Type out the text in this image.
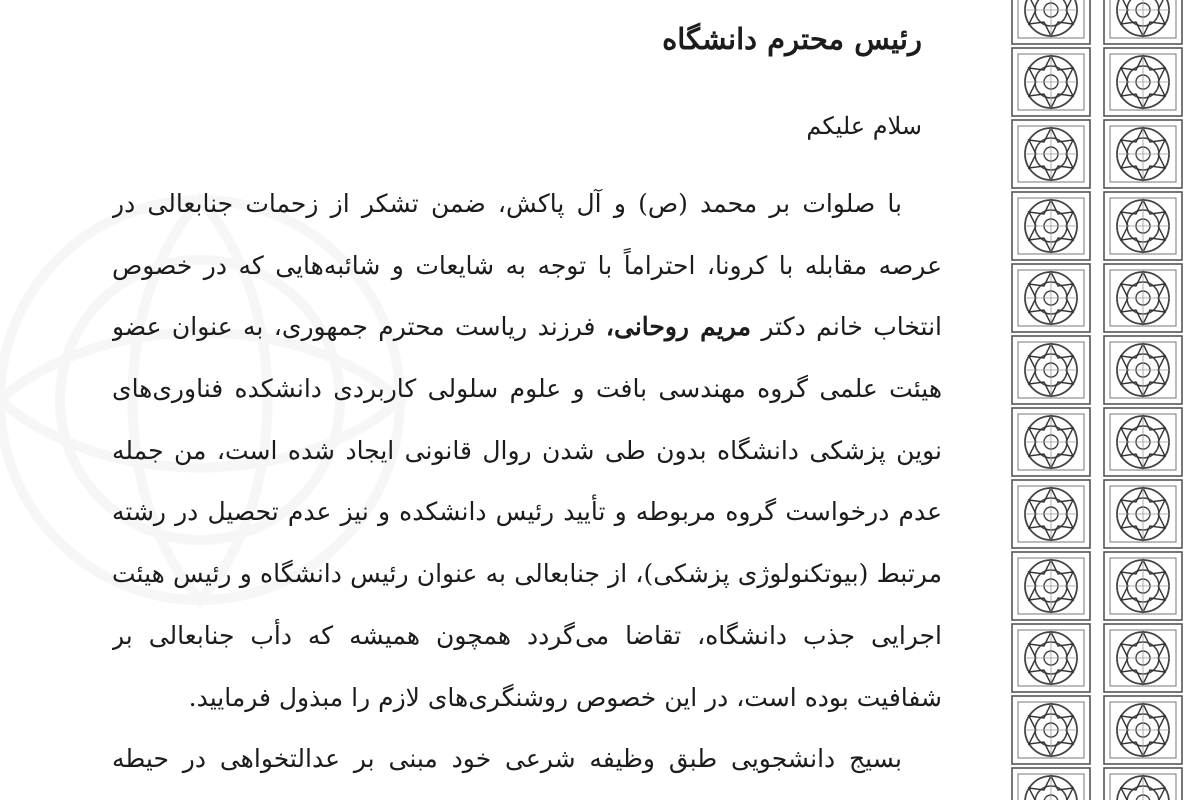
رئیس محترم دانشگاه

سلام علیکم

با صلوات بر محمد (ص) و آل پاکش، ضمن تشکر از زحمات جنابعالی در
عرصه مقابله با کرونا، احتراماً با توجه به شایعات و شائبه‌هایی که در خصوص
انتخاب خانم دکتر مریم روحانی، فرزند ریاست محترم جمهوری، به عنوان عضو
هیئت علمی گروه مهندسی بافت و علوم سلولی کاربردی دانشکده فناوری‌های
نوین پزشکی دانشگاه بدون طی شدن روال قانونی ایجاد شده است، من جمله
عدم درخواست گروه مربوطه و تأیید رئیس دانشکده و نیز عدم تحصیل در رشته
مرتبط (بیوتکنولوژی پزشکی)، از جنابعالی به عنوان رئیس دانشگاه و رئیس هیئت
اجرایی جذب دانشگاه، تقاضا می‌گردد همچون همیشه که دأب جنابعالی بر
شفافیت بوده است، در این خصوص روشنگری‌های لازم را مبذول فرمایید.
بسیج دانشجویی طبق وظیفه شرعی خود مبنی بر عدالتخواهی در حیطه
